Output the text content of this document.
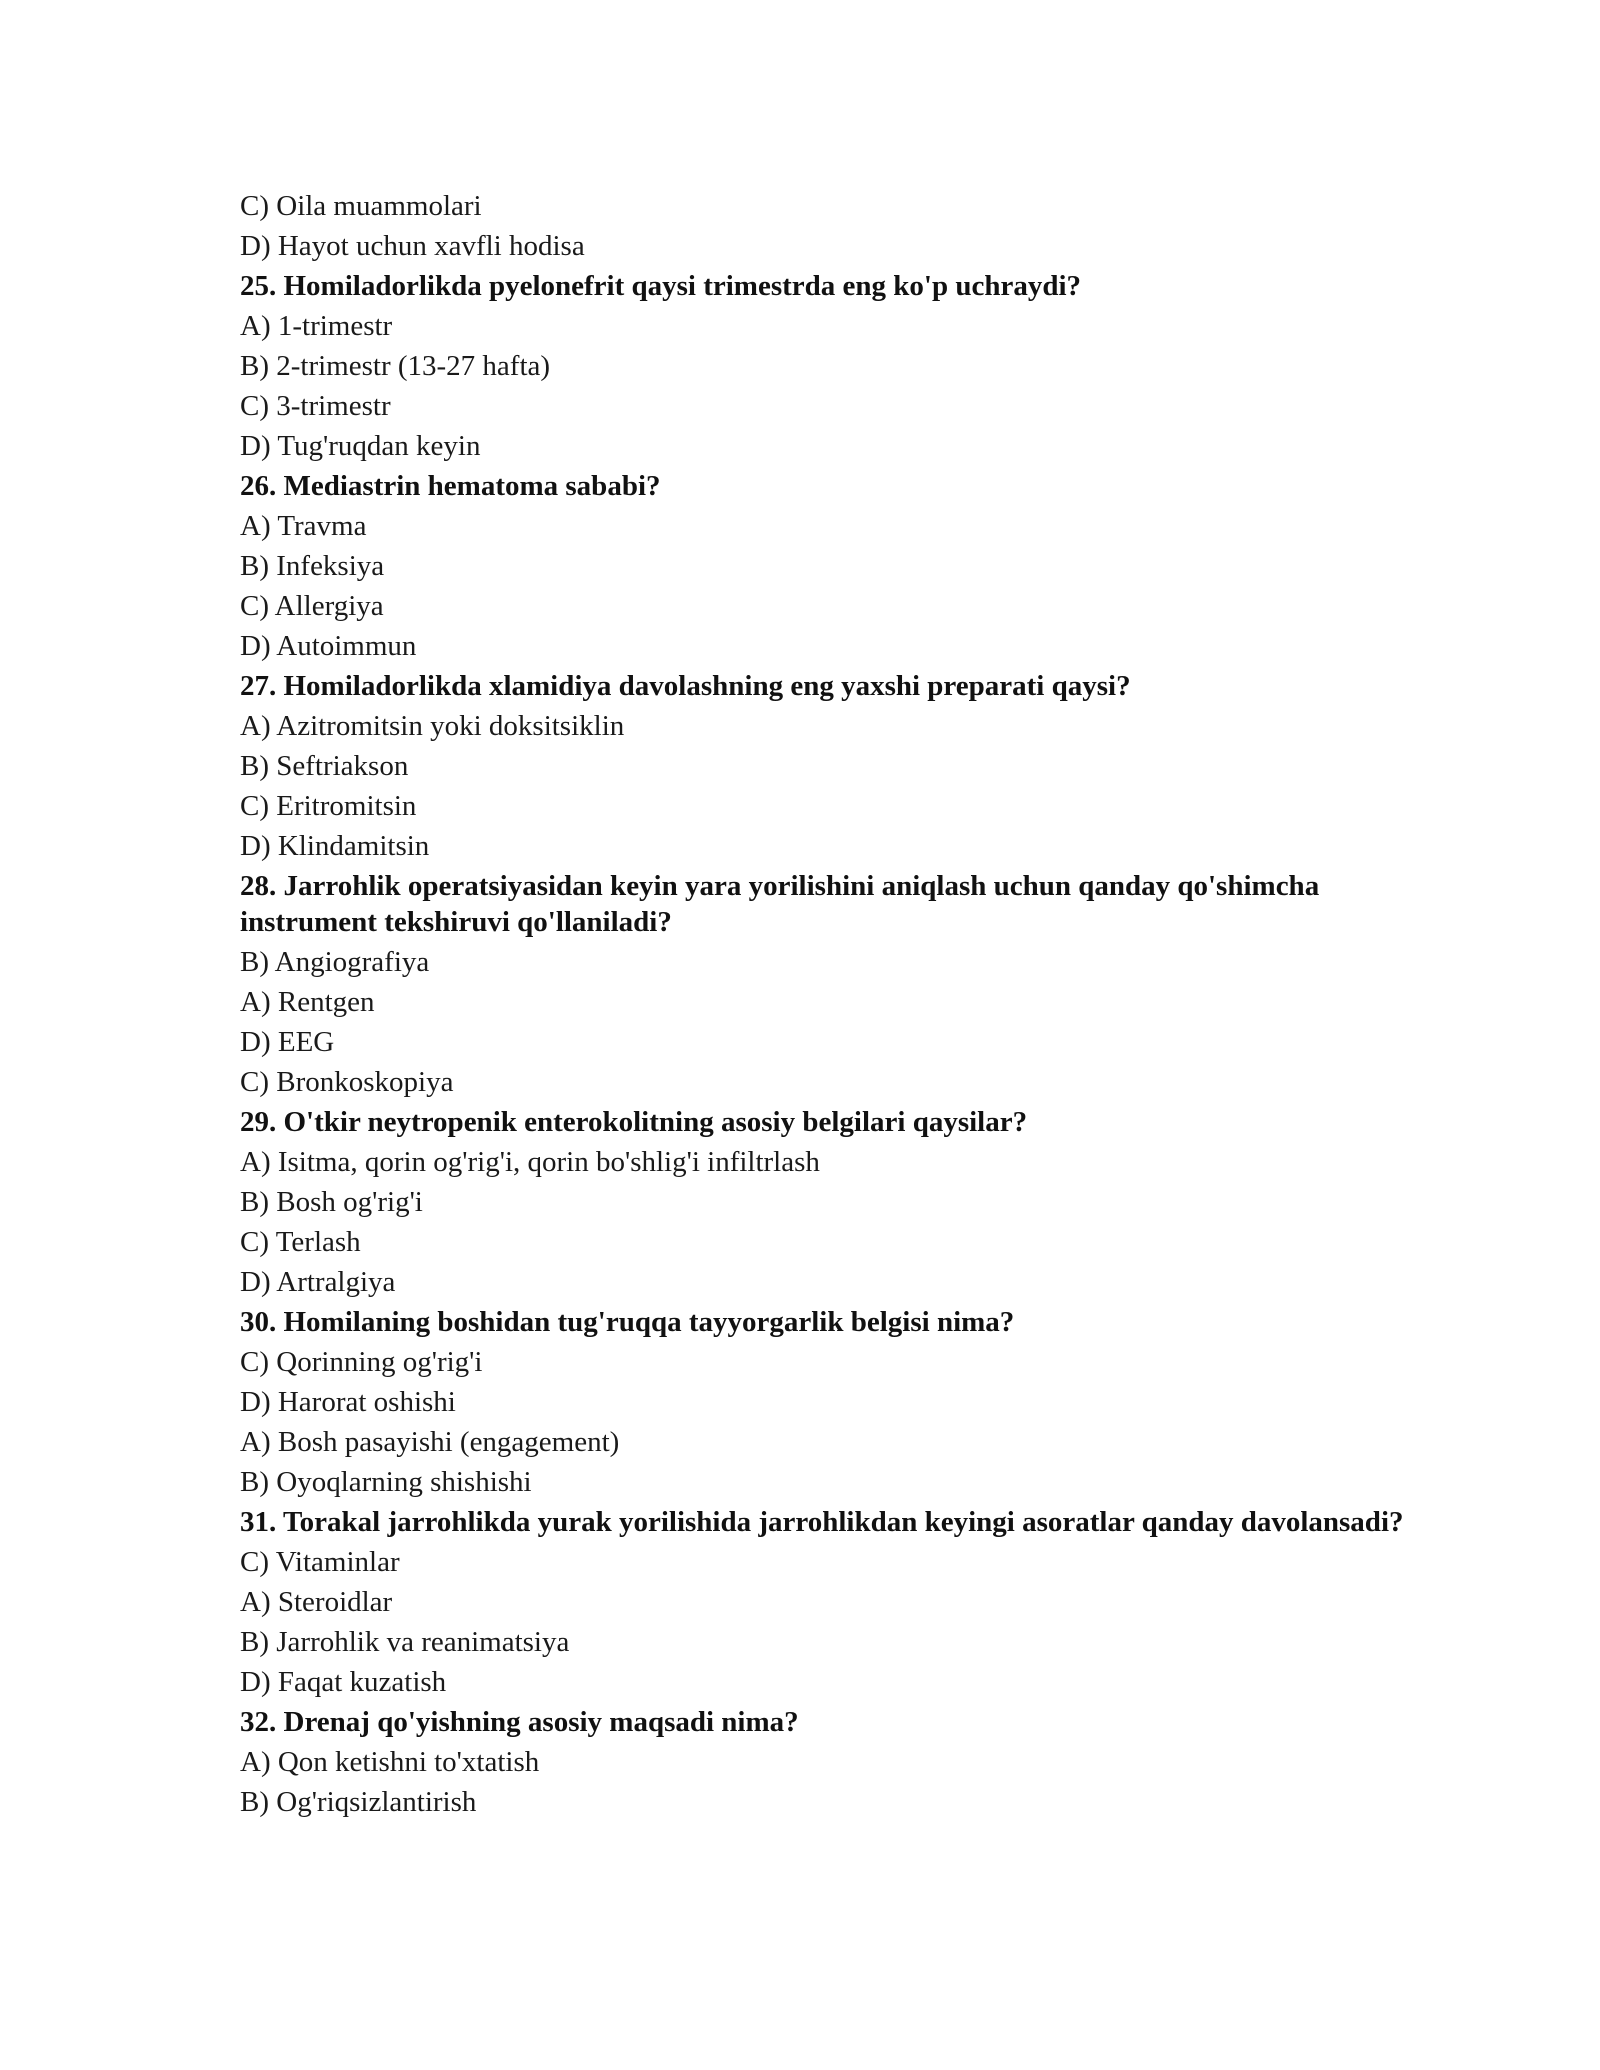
C) Oila muammolari
D) Hayot uchun xavfli hodisa
25. Homiladorlikda pyelonefrit qaysi trimestrda eng ko'p uchraydi?
A) 1-trimestr
B) 2-trimestr (13-27 hafta)
C) 3-trimestr
D) Tug'ruqdan keyin
26. Mediastrin hematoma sababi?
A) Travma
B) Infeksiya
C) Allergiya
D) Autoimmun
27. Homiladorlikda xlamidiya davolashning eng yaxshi preparati qaysi?
A) Azitromitsin yoki doksitsiklin
B) Seftriakson
C) Eritromitsin
D) Klindamitsin
28. Jarrohlik operatsiyasidan keyin yara yorilishini aniqlash uchun qanday qo'shimcha instrument tekshiruvi qo'llaniladi?
B) Angiografiya
A) Rentgen
D) EEG
C) Bronkoskopiya
29. O'tkir neytropenik enterokolitning asosiy belgilari qaysilar?
A) Isitma, qorin og'rig'i, qorin bo'shlig'i infiltrlash
B) Bosh og'rig'i
C) Terlash
D) Artralgiya
30. Homilaning boshidan tug'ruqqa tayyorgarlik belgisi nima?
C) Qorinning og'rig'i
D) Harorat oshishi
A) Bosh pasayishi (engagement)
B) Oyoqlarning shishishi
31. Torakal jarrohlikda yurak yorilishida jarrohlikdan keyingi asoratlar qanday davolansadi?
C) Vitaminlar
A) Steroidlar
B) Jarrohlik va reanimatsiya
D) Faqat kuzatish
32. Drenaj qo'yishning asosiy maqsadi nima?
A) Qon ketishni to'xtatish
B) Og'riqsizlantirish
